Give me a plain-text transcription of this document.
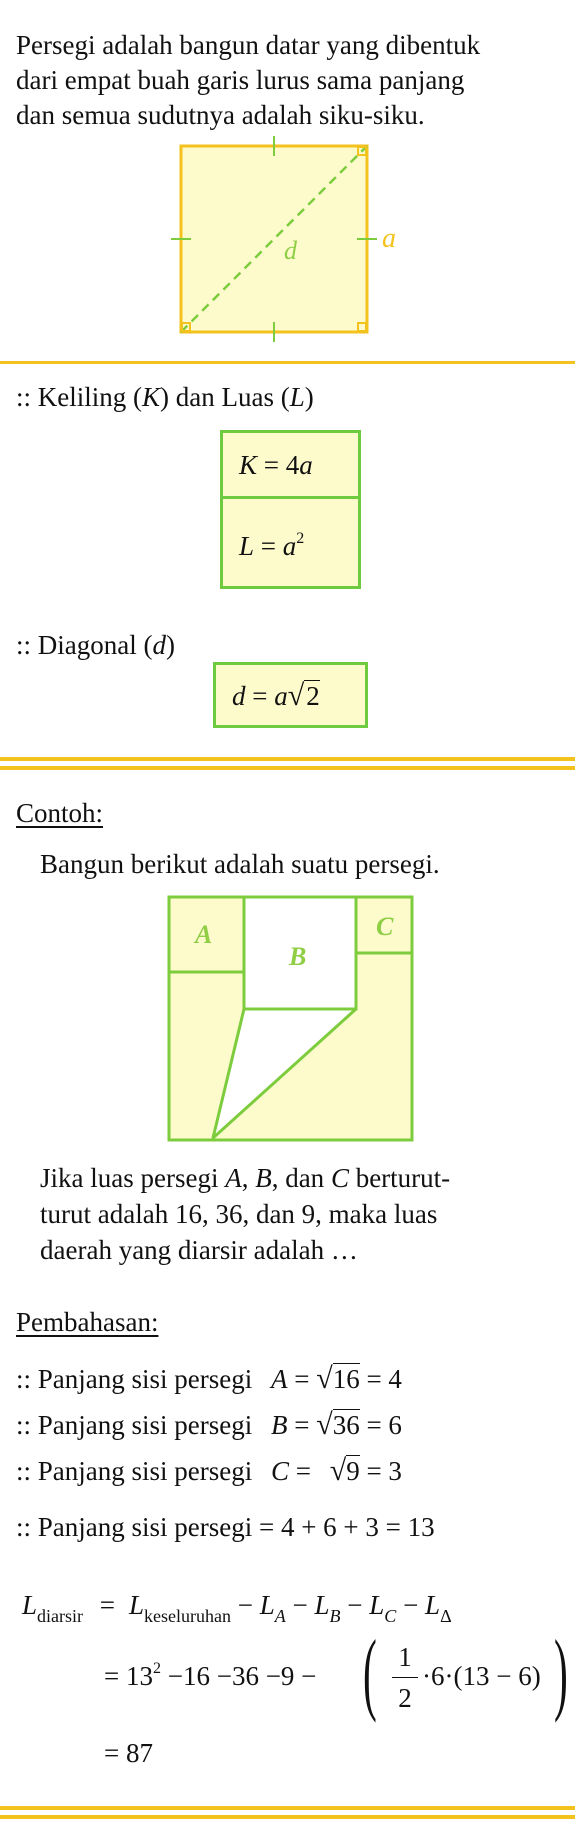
Persegi adalah bangun datar yang dibentuk
dari empat buah garis lurus sama panjang
dan semua sudutnya adalah siku-siku.
d	a
:: Keliling (K) dan Luas (L)
K = 4a
$L = a^2$
:: Diagonal (d)
d = a√2
Contoh:
Bangun berikut adalah suatu persegi.
A
B
C
Jika luas persegi A, B, dan C berturut-
turut adalah 16, 36, dan 9, maka luas
daerah yang diarsir adalah …
Pembahasan:
:: Panjang sisi persegi A = √16 = 4
:: Panjang sisi persegi B = √36 = 6
:: Panjang sisi persegi C = √9 = 3
:: Panjang sisi persegi = 4 + 6 + 3 = 13
$L_{diarsir} = L_{keseluruhan} - L_A - L_B - L_C - L_\Delta$
= $13^2 -16 -36 -9$ − ( 1
2
·6·(13 − 6) )
= 87
